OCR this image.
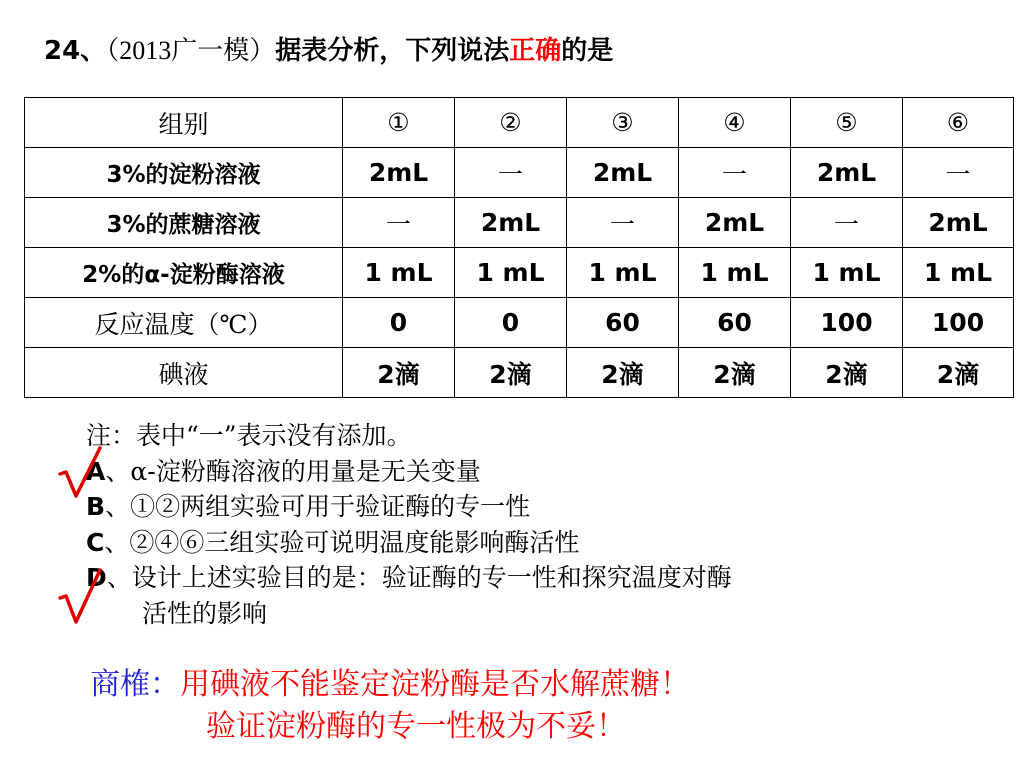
24、（2013广一模）据表分析，下列说法正确的是

组别	①	②	③	④	⑤	⑥
3%的淀粉溶液	2mL	一	2mL	一	2mL	一
3%的蔗糖溶液	一	2mL	一	2mL	一	2mL
2%的α-淀粉酶溶液	1 mL	1 mL	1 mL	1 mL	1 mL	1 mL
反应温度（℃）	0	0	60	60	100	100
碘液	2滴	2滴	2滴	2滴	2滴	2滴
注：表中“一”表示没有添加。
A、α-淀粉酶溶液的用量是无关变量
B、①②两组实验可用于验证酶的专一性
C、②④⑥三组实验可说明温度能影响酶活性
D、设计上述实验目的是：验证酶的专一性和探究温度对酶
活性的影响
商榷：用碘液不能鉴定淀粉酶是否水解蔗糖！
验证淀粉酶的专一性极为不妥！
